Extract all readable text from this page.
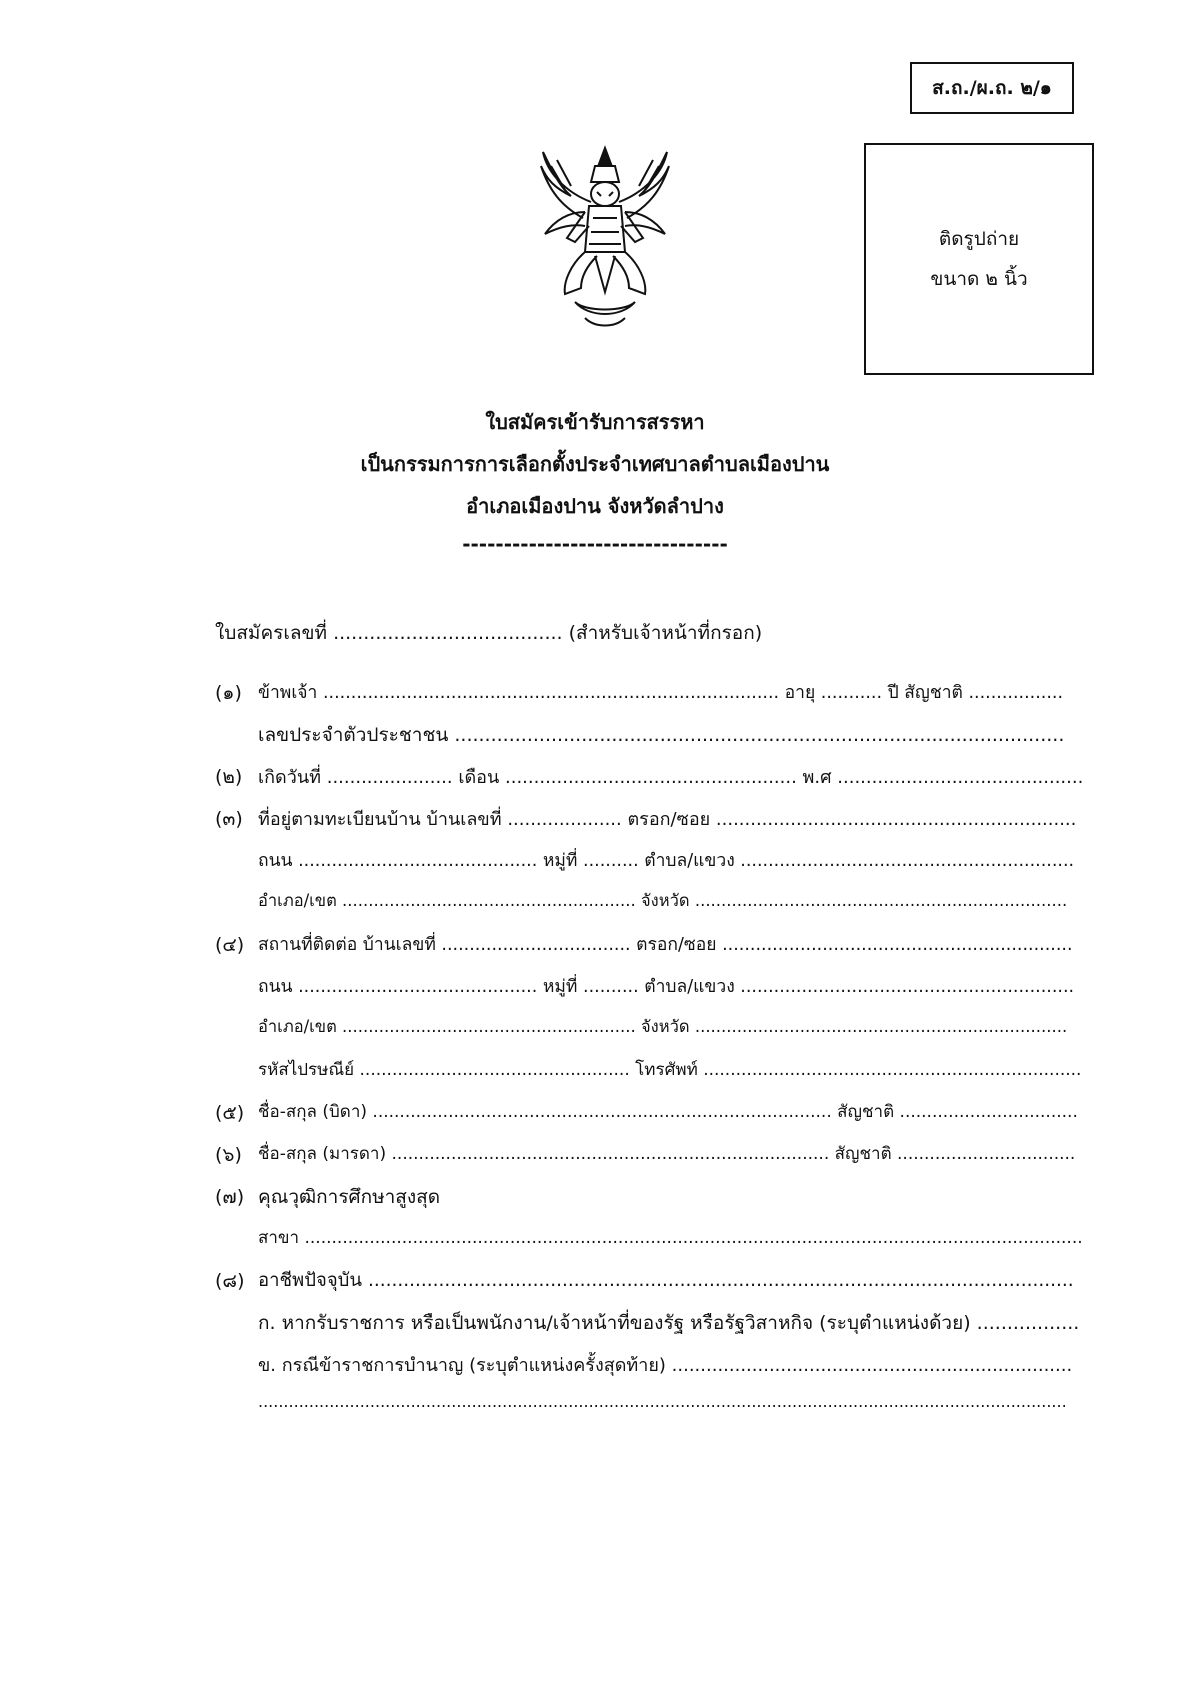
ส.ถ./ผ.ถ. ๒/๑
ติดรูปถ่าย
ขนาด ๒ นิ้ว
ใบสมัครเข้ารับการสรรหา
เป็นกรรมการการเลือกตั้งประจำเทศบาลตำบลเมืองปาน
อำเภอเมืองปาน จังหวัดลำปาง
--------------------------------
ใบสมัครเลขที่ ...................................... (สำหรับเจ้าหน้าที่กรอก)
(๑) ข้าพเจ้า .................................................................................. อายุ ........... ปี สัญชาติ .................
เลขประจำตัวประชาชน .....................................................................................................
(๒) เกิดวันที่ ...................... เดือน ................................................... พ.ศ ...........................................
(๓) ที่อยู่ตามทะเบียนบ้าน บ้านเลขที่ .................... ตรอก/ซอย ...............................................................
ถนน ........................................... หมู่ที่ .......... ตำบล/แขวง ............................................................
อำเภอ/เขต ........................................................ จังหวัด .......................................................................
(๔) สถานที่ติดต่อ บ้านเลขที่ .................................. ตรอก/ซอย ...............................................................
ถนน ........................................... หมู่ที่ .......... ตำบล/แขวง ............................................................
อำเภอ/เขต ........................................................ จังหวัด .......................................................................
รหัสไปรษณีย์ .................................................. โทรศัพท์ ......................................................................
(๕) ชื่อ-สกุล (บิดา) ..................................................................................... สัญชาติ .................................
(๖) ชื่อ-สกุล (มารดา) ................................................................................. สัญชาติ .................................
(๗) คุณวุฒิการศึกษาสูงสุด
สาขา ................................................................................................................................................
(๘) อาชีพปัจจุบัน ........................................................................................................................
ก. หากรับราชการ หรือเป็นพนักงาน/เจ้าหน้าที่ของรัฐ หรือรัฐวิสาหกิจ (ระบุตำแหน่งด้วย) .................
ข. กรณีข้าราชการบำนาญ (ระบุตำแหน่งครั้งสุดท้าย) ......................................................................
...............................................................................................................................................................
